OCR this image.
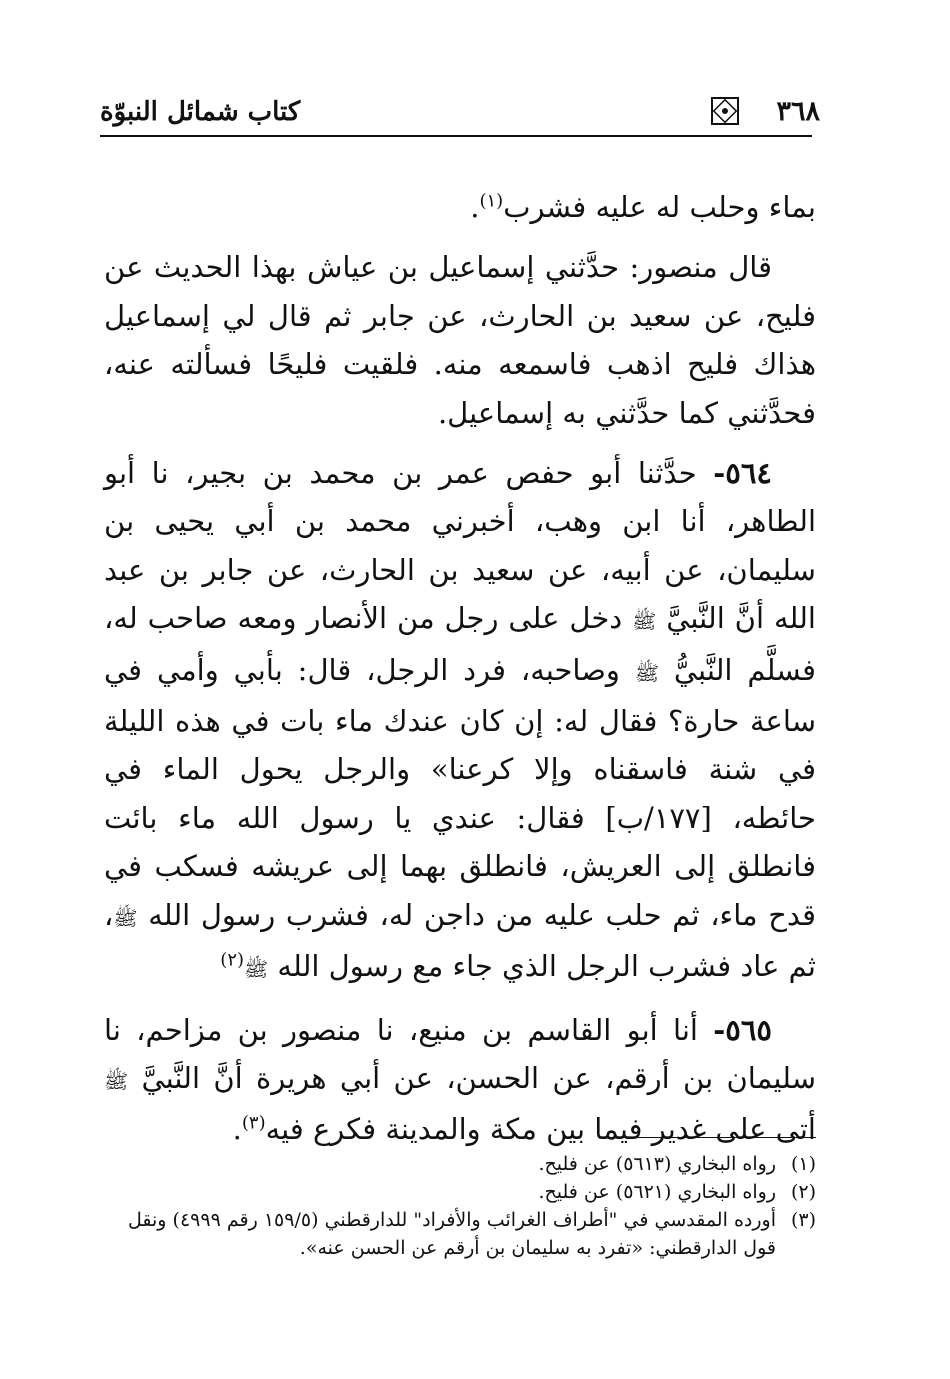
كتاب شمائل النبوّة	٣٦٨

بماء وحلب له عليه فشرب$^{(١)}$.

قال منصور: حدَّثني إسماعيل بن عياش بهذا الحديث عن فليح، عن سعيد بن الحارث، عن جابر ثم قال لي إسماعيل هذاك فليح اذهب فاسمعه منه. فلقيت فليحًا فسألته عنه، فحدَّثني كما حدَّثني به إسماعيل.

٥٦٤- حدَّثنا أبو حفص عمر بن محمد بن بجير، نا أبو الطاهر، أنا ابن وهب، أخبرني محمد بن أبي يحيى بن سليمان، عن أبيه، عن سعيد بن الحارث، عن جابر بن عبد الله أنَّ النَّبيَّ ﷺ دخل على رجل من الأنصار ومعه صاحب له، فسلَّم النَّبيُّ ﷺ وصاحبه، فرد الرجل، قال: بأبي وأمي في ساعة حارة؟ فقال له: إن كان عندك ماء بات في هذه الليلة في شنة فاسقناه وإلا كرعنا» والرجل يحول الماء في حائطه، [١٧٧/ب] فقال: عندي يا رسول الله ماء بائت فانطلق إلى العريش، فانطلق بهما إلى عريشه فسكب في قدح ماء، ثم حلب عليه من داجن له، فشرب رسول الله ﷺ، ثم عاد فشرب الرجل الذي جاء مع رسول الله ﷺ$^{(٢)}$

٥٦٥- أنا أبو القاسم بن منيع، نا منصور بن مزاحم، نا سليمان بن أرقم، عن الحسن، عن أبي هريرة أنَّ النَّبيَّ ﷺ أتى على غدير فيما بين مكة والمدينة فكرع فيه$^{(٣)}$.

(١)
رواه البخاري (٥٦١٣) عن فليح.
(٢)
رواه البخاري (٥٦٢١) عن فليح.
(٣)
أورده المقدسي في "أطراف الغرائب والأفراد" للدارقطني (١٥٩/٥ رقم ٤٩٩٩) ونقل قول الدارقطني: «تفرد به سليمان بن أرقم عن الحسن عنه».
